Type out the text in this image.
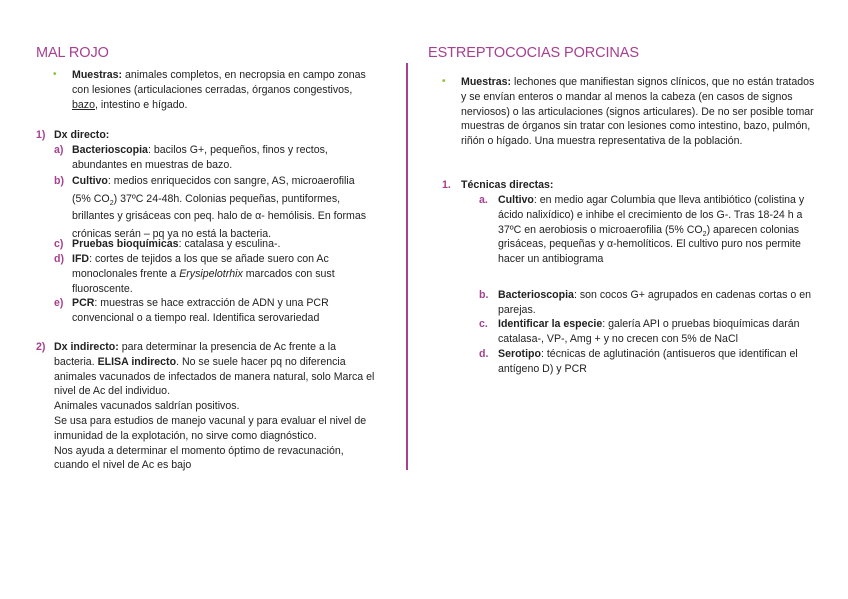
MAL ROJO
•	Muestras: animales completos, en necropsia en campo zonas con lesiones (articulaciones cerradas, órganos congestivos, bazo, intestino e hígado.
1) Dx directo:
a) Bacterioscopia: bacilos G+, pequeños, finos y rectos, abundantes en muestras de bazo.
b) Cultivo: medios enriquecidos con sangre, AS, microaerofilia (5% $CO_2$) 37ºC 24-48h. Colonias pequeñas, puntiformes, brillantes y grisáceas con peq. halo de α- hemólisis. En formas crónicas serán – pq ya no está la bacteria.
c) Pruebas bioquímicas: catalasa y esculina-.
d) IFD: cortes de tejidos a los que se añade suero con Ac monoclonales frente a Erysipelotrhix marcados con sust fluoroscente.
e) PCR: muestras se hace extracción de ADN y una PCR convencional o a tiempo real. Identifica serovariedad
2) Dx indirecto: para determinar la presencia de Ac frente a la bacteria. ELISA indirecto. No se suele hacer pq no diferencia animales vacunados de infectados de manera natural, solo Marca el nivel de Ac del individuo.
Animales vacunados saldrían positivos.
Se usa para estudios de manejo vacunal y para evaluar el nivel de inmunidad de la explotación, no sirve como diagnóstico.
Nos ayuda a determinar el momento óptimo de revacunación, cuando el nivel de Ac es bajo
ESTREPTOCOCIAS PORCINAS
•	Muestras: lechones que manifiestan signos clínicos, que no están tratados y se envían enteros o mandar al menos la cabeza (en casos de signos nerviosos) o las articulaciones (signos articulares). De no ser posible tomar muestras de órganos sin tratar con lesiones como intestino, bazo, pulmón, riñón o hígado. Una muestra representativa de la población.
1. Técnicas directas:
a. Cultivo: en medio agar Columbia que lleva antibiótico (colistina y ácido nalixídico) e inhibe el crecimiento de los G-. Tras 18-24 h a 37ºC en aerobiosis o microaerofilia (5% $CO_2$) aparecen colonias grisáceas, pequeñas y α-hemolíticos. El cultivo puro nos permite hacer un antibiograma
b. Bacterioscopia: son cocos G+ agrupados en cadenas cortas o en parejas.
c. Identificar la especie: galería API o pruebas bioquímicas darán catalasa-, VP-, Amg + y no crecen con 5% de NaCl
d. Serotipo: técnicas de aglutinación (antisueros que identifican el antígeno D) y PCR
